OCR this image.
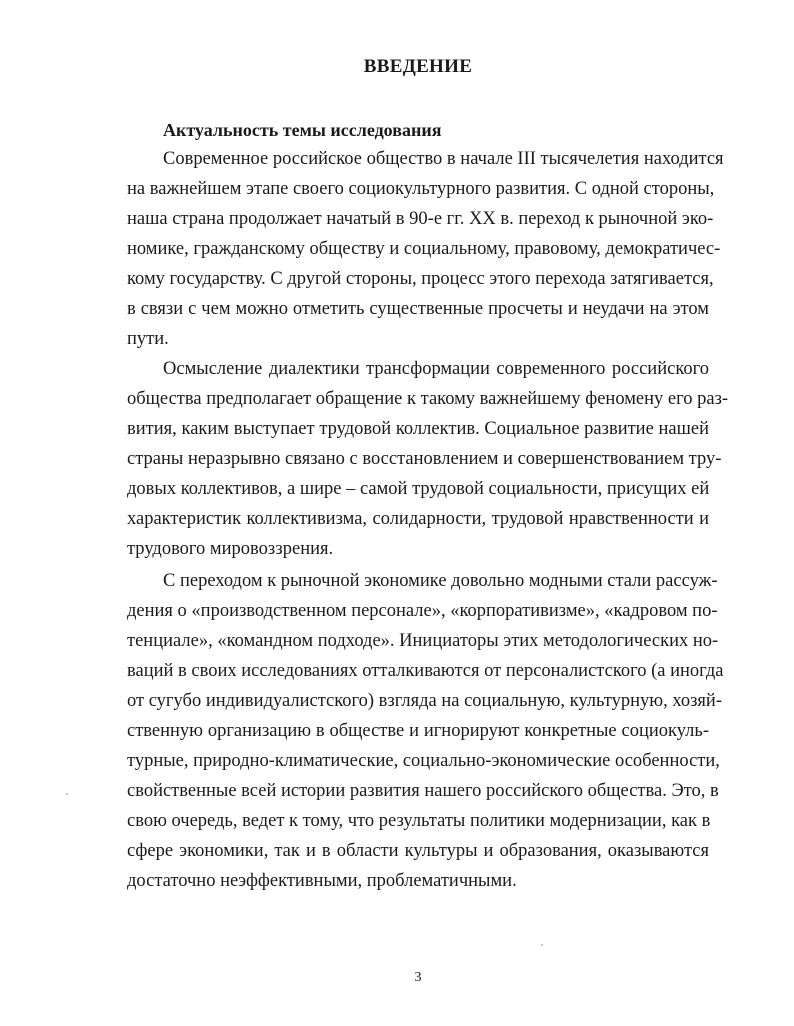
ВВЕДЕНИЕ
Актуальность темы исследования
Современное российское общество в начале III тысячелетия находится
на важнейшем этапе своего социокультурного развития. С одной стороны,
наша страна продолжает начатый в 90-е гг. XX в. переход к рыночной эко-
номике, гражданскому обществу и социальному, правовому, демократичес-
кому государству. С другой стороны, процесс этого перехода затягивается,
в связи с чем можно отметить существенные просчеты и неудачи на этом
пути.
Осмысление диалектики трансформации современного российского
общества предполагает обращение к такому важнейшему феномену его раз-
вития, каким выступает трудовой коллектив. Социальное развитие нашей
страны неразрывно связано с восстановлением и совершенствованием тру-
довых коллективов, а шире – самой трудовой социальности, присущих ей
характеристик коллективизма, солидарности, трудовой нравственности и
трудового мировоззрения.
С переходом к рыночной экономике довольно модными стали рассуж-
дения о «производственном персонале», «корпоративизме», «кадровом по-
тенциале», «командном подходе». Инициаторы этих методологических но-
ваций в своих исследованиях отталкиваются от персоналистского (а иногда
от сугубо индивидуалистского) взгляда на социальную, культурную, хозяй-
ственную организацию в обществе и игнорируют конкретные социокуль-
турные, природно-климатические, социально-экономические особенности,
свойственные всей истории развития нашего российского общества. Это, в
свою очередь, ведет к тому, что результаты политики модернизации, как в
сфере экономики, так и в области культуры и образования, оказываются
достаточно неэффективными, проблематичными.
3
